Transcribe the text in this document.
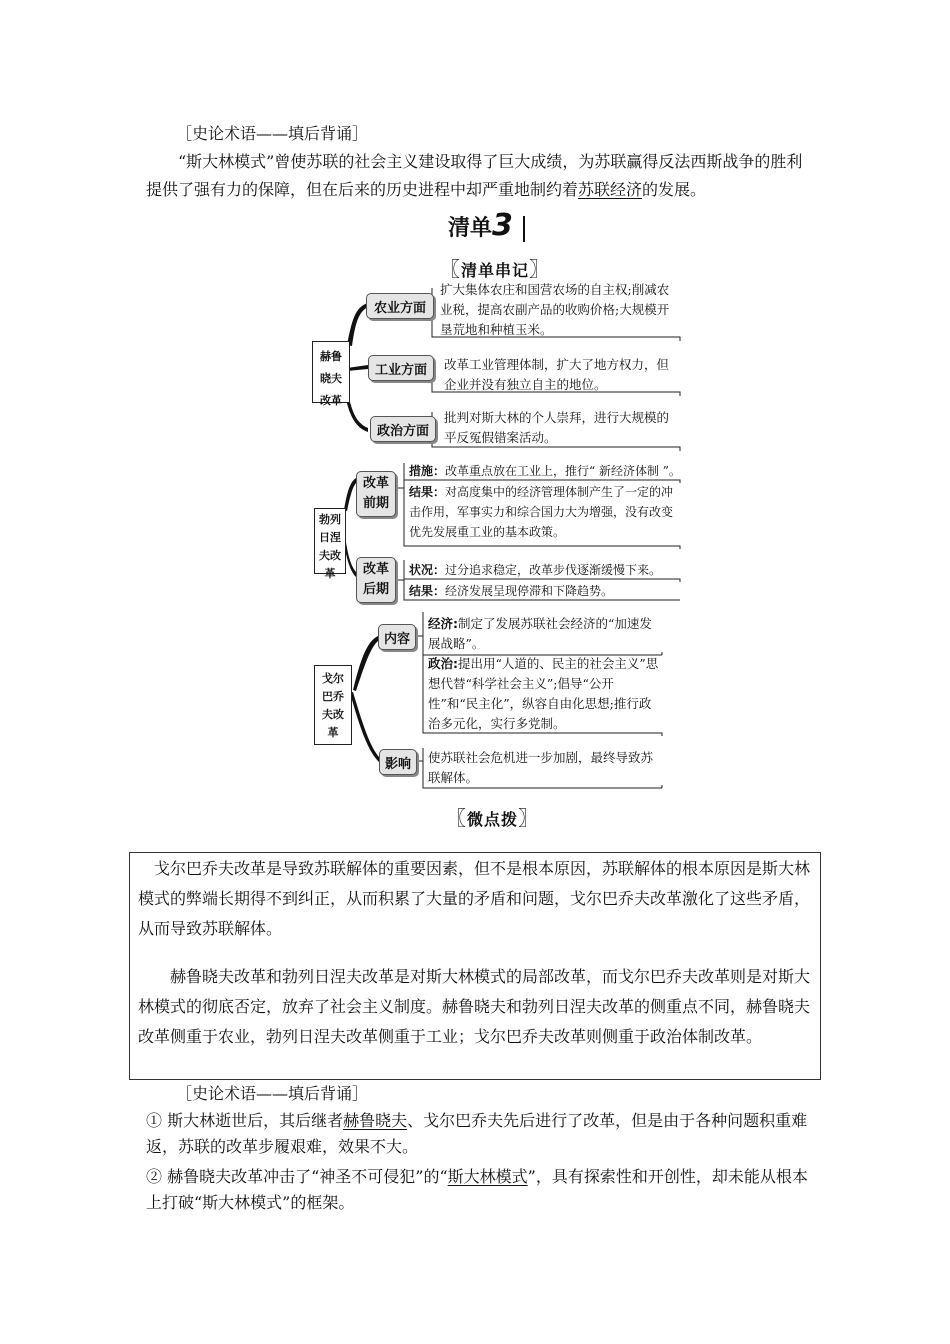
［史论术语——填后背诵］
“斯大林模式”曾使苏联的社会主义建设取得了巨大成绩，为苏联赢得反法西斯战争的胜利提供了强有力的保障，但在后来的历史进程中却严重地制约着苏联经济的发展。
清单3
〖清单串记〗
赫鲁晓夫改革
农业方面
工业方面
政治方面
扩大集体农庄和国营农场的自主权;削减农业税，提高农副产品的收购价格;大规模开垦荒地和种植玉米。
改革工业管理体制，扩大了地方权力，但企业并没有独立自主的地位。
批判对斯大林的个人崇拜，进行大规模的平反冤假错案活动。
勃列日涅夫改革
改革前期
改革后期
措施：改革重点放在工业上，推行“ 新经济体制 ”。
结果：对高度集中的经济管理体制产生了一定的冲击作用，军事实力和综合国力大为增强，没有改变优先发展重工业的基本政策。
状况：过分追求稳定，改革步伐逐渐缓慢下来。
结果：经济发展呈现停滞和下降趋势。
戈尔巴乔夫改革
内容
影响
经济:制定了发展苏联社会经济的“加速发展战略”。
政治:提出用“人道的、民主的社会主义”思想代替“科学社会主义”;倡导“公开性”和“民主化”，纵容自由化思想;推行政治多元化，实行多党制。
使苏联社会危机进一步加剧，最终导致苏联解体。
〖微点拨〗
戈尔巴乔夫改革是导致苏联解体的重要因素，但不是根本原因，苏联解体的根本原因是斯大林模式的弊端长期得不到纠正，从而积累了大量的矛盾和问题，戈尔巴乔夫改革激化了这些矛盾，从而导致苏联解体。
赫鲁晓夫改革和勃列日涅夫改革是对斯大林模式的局部改革，而戈尔巴乔夫改革则是对斯大林模式的彻底否定，放弃了社会主义制度。赫鲁晓夫和勃列日涅夫改革的侧重点不同，赫鲁晓夫改革侧重于农业，勃列日涅夫改革侧重于工业；戈尔巴乔夫改革则侧重于政治体制改革。
［史论术语——填后背诵］
① 斯大林逝世后，其后继者赫鲁晓夫、戈尔巴乔夫先后进行了改革，但是由于各种问题积重难返，苏联的改革步履艰难，效果不大。
② 赫鲁晓夫改革冲击了“神圣不可侵犯”的“斯大林模式”，具有探索性和开创性，却未能从根本上打破“斯大林模式”的框架。
